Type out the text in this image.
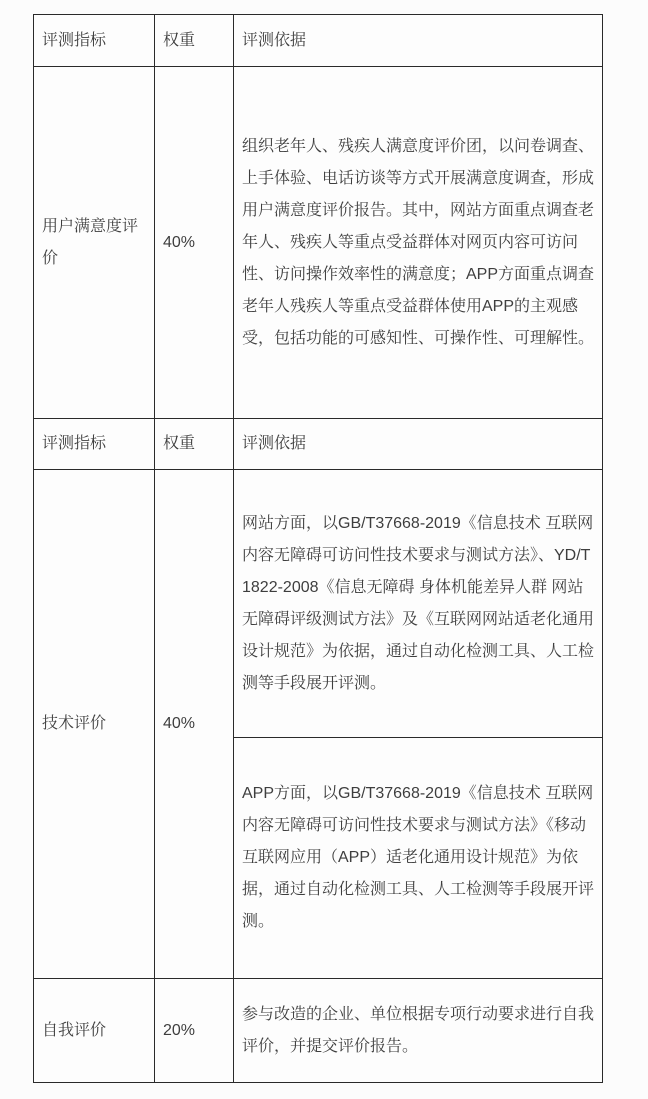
评测指标	权重	评测依据
用户满意度评价	40%	组织老年人、残疾人满意度评价团，以问卷调查、上手体验、电话访谈等方式开展满意度调查，形成用户满意度评价报告。其中，网站方面重点调查老年人、残疾人等重点受益群体对网页内容可访问性、访问操作效率性的满意度；APP方面重点调查老年人残疾人等重点受益群体使用APP的主观感受，包括功能的可感知性、可操作性、可理解性。
评测指标	权重	评测依据
技术评价	40%	网站方面，以GB/T37668-2019《信息技术 互联网内容无障碍可访问性技术要求与测试方法》、YD/T 1822-2008《信息无障碍 身体机能差异人群 网站无障碍评级测试方法》及《互联网网站适老化通用设计规范》为依据，通过自动化检测工具、人工检测等手段展开评测。
		APP方面，以GB/T37668-2019《信息技术 互联网内容无障碍可访问性技术要求与测试方法》《移动互联网应用（APP）适老化通用设计规范》为依据，通过自动化检测工具、人工检测等手段展开评测。
自我评价	20%	参与改造的企业、单位根据专项行动要求进行自我评价，并提交评价报告。
